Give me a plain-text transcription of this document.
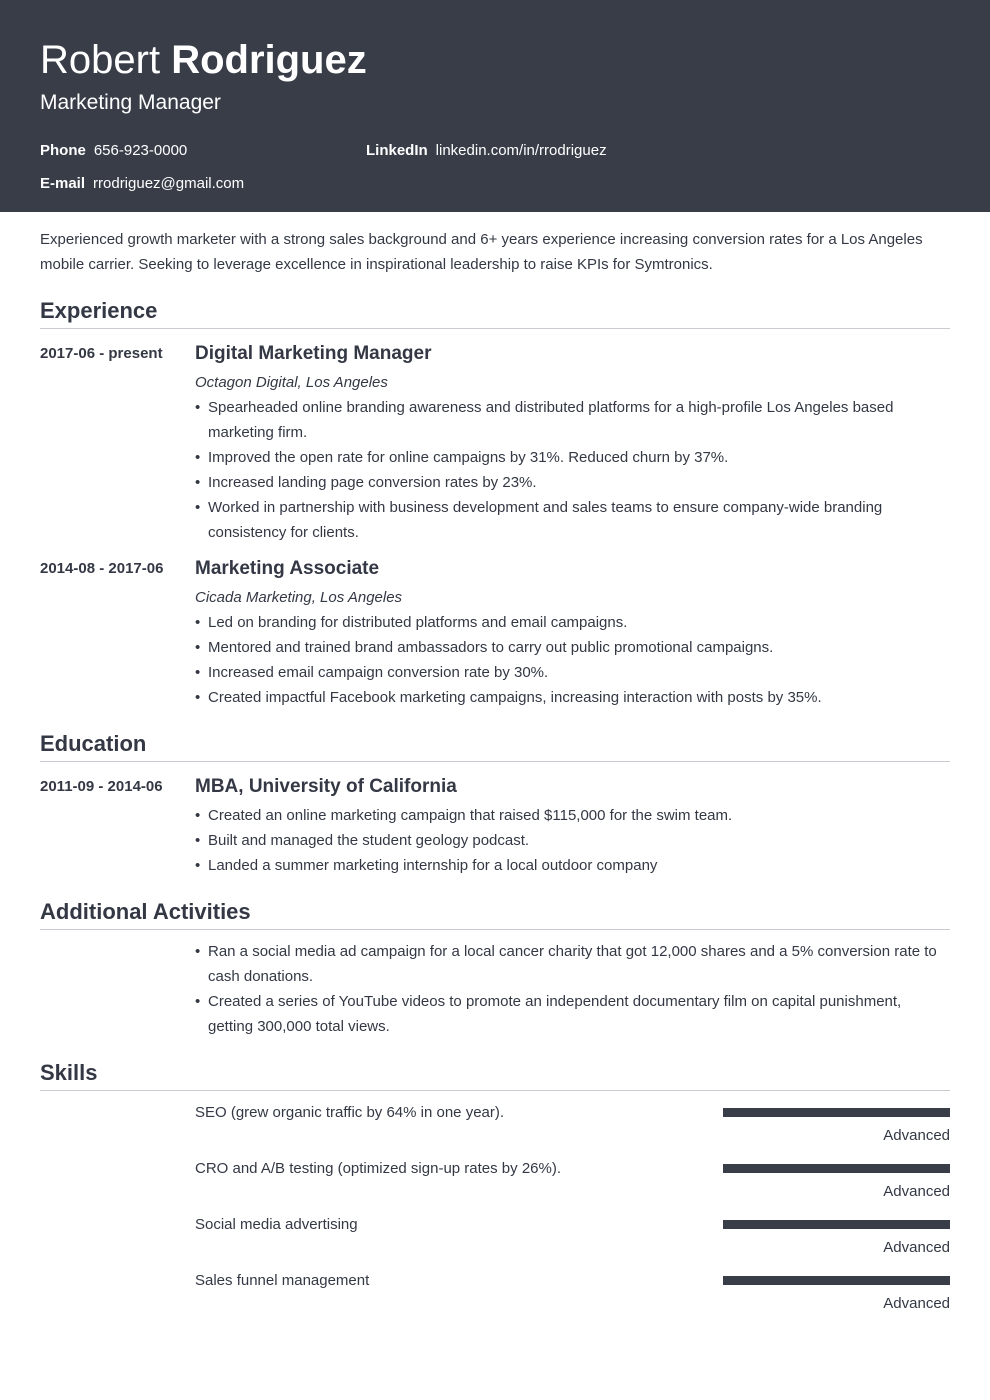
Robert Rodriguez
Marketing Manager
Phone 656-923-0000	LinkedIn linkedin.com/in/rrodriguez
E-mail rrodriguez@gmail.com

Experienced growth marketer with a strong sales background and 6+ years experience increasing conversion rates for a Los Angeles mobile carrier. Seeking to leverage excellence in inspirational leadership to raise KPIs for Symtronics.

Experience
2017-06 - present Digital Marketing Manager
Octagon Digital, Los Angeles
• Spearheaded online branding awareness and distributed platforms for a high-profile Los Angeles based marketing firm.
• Improved the open rate for online campaigns by 31%. Reduced churn by 37%.
• Increased landing page conversion rates by 23%.
• Worked in partnership with business development and sales teams to ensure company-wide branding consistency for clients.
2014-08 - 2017-06 Marketing Associate
Cicada Marketing, Los Angeles
• Led on branding for distributed platforms and email campaigns.
• Mentored and trained brand ambassadors to carry out public promotional campaigns.
• Increased email campaign conversion rate by 30%.
• Created impactful Facebook marketing campaigns, increasing interaction with posts by 35%.
Education
2011-09 - 2014-06 MBA, University of California
• Created an online marketing campaign that raised $115,000 for the swim team.
• Built and managed the student geology podcast.
• Landed a summer marketing internship for a local outdoor company
Additional Activities
• Ran a social media ad campaign for a local cancer charity that got 12,000 shares and a 5% conversion rate to cash donations.
• Created a series of YouTube videos to promote an independent documentary film on capital punishment, getting 300,000 total views.
Skills
SEO (grew organic traffic by 64% in one year).
Advanced
CRO and A/B testing (optimized sign-up rates by 26%).
Advanced
Social media advertising
Advanced
Sales funnel management
Advanced
